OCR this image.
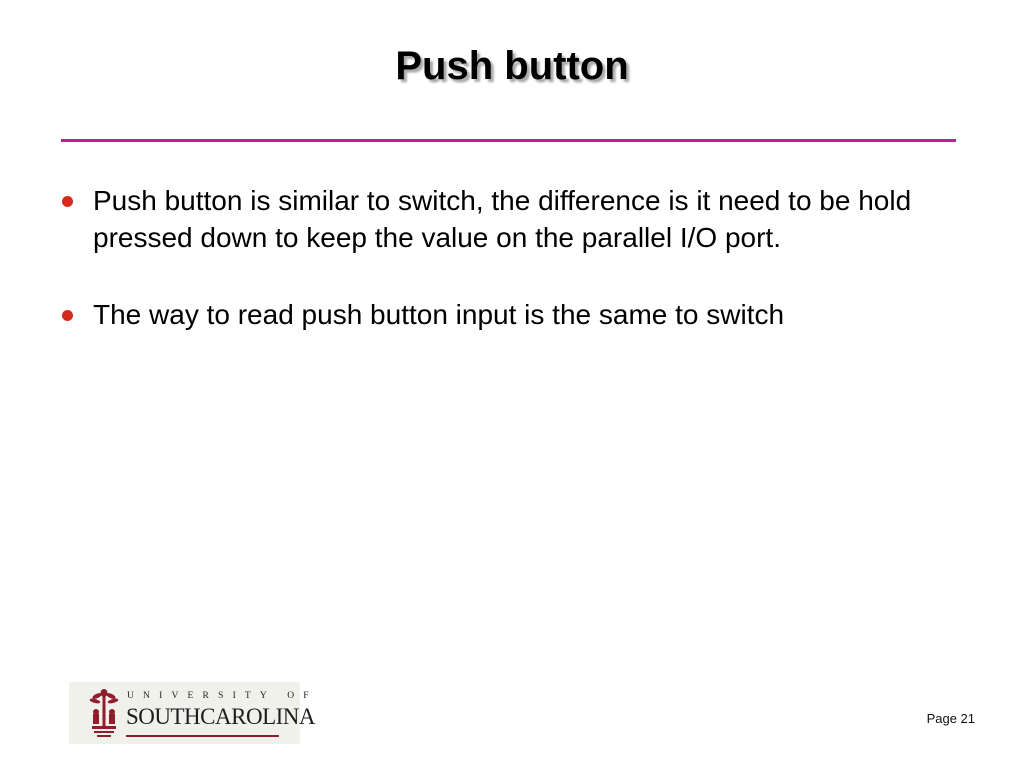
Push button
Push button is similar to switch, the difference is it need to be hold pressed down to keep the value on the parallel I/O port.
The way to read push button input is the same to switch
UNIVERSITY OF
SOUTHCAROLINA	Page 21
